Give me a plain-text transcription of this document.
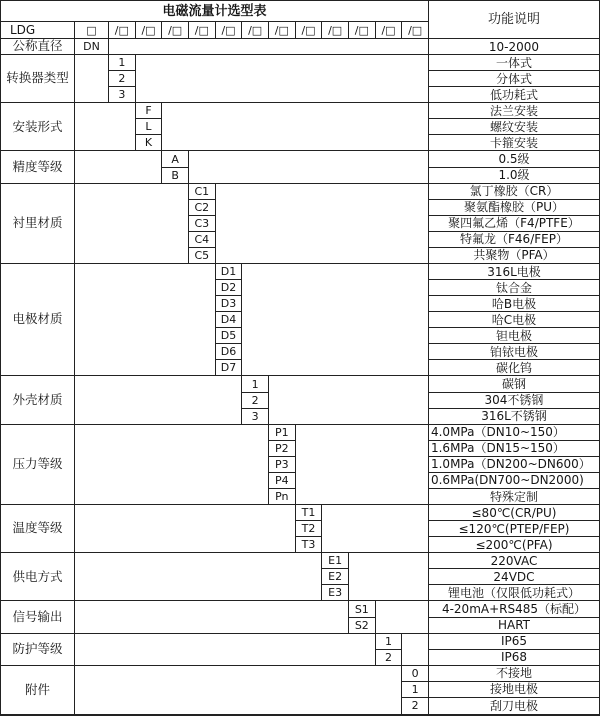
电磁流量计选型表
功能说明
LDG	□	/□	/□	/□	/□	/□	/□	/□	/□	/□	/□	/□	/□
公称直径	DN	10-2000
转换器类型
1	一体式
2	分体式
3	低功耗式
安装形式
F	法兰安装
L	螺纹安装
K	卡箍安装
精度等级	A	0.5级
B	1.0级
衬里材质
C1	氯丁橡胶（CR）
C2	聚氨酯橡胶（PU）
C3	聚四氟乙烯（F4/PTFE）
C4	特氟龙（F46/FEP）
C5	共聚物（PFA）
电极材质
D1	316L电极
D2	钛合金
D3	哈B电极
D4	哈C电极
D5	钽电极
D6	铂铱电极
D7	碳化钨
外壳材质
1	碳钢
2	304不锈钢
3	316L不锈钢
压力等级
P1	4.0MPa（DN10~150）
P2	1.6MPa（DN15~150）
P3	1.0MPa（DN200~DN600）
P4	0.6MPa(DN700~DN2000)
Pn	特殊定制
温度等级
T1	≤80℃(CR/PU)
T2	≤120℃(PTEP/FEP)
T3	≤200℃(PFA)
供电方式
E1	220VAC
E2	24VDC
E3	锂电池（仅限低功耗式）
信号输出	S1	4-20mA+RS485（标配）
S2	HART
防护等级	1	IP65
2	IP68
附件
0	不接地
1	接地电极
2	刮刀电极
